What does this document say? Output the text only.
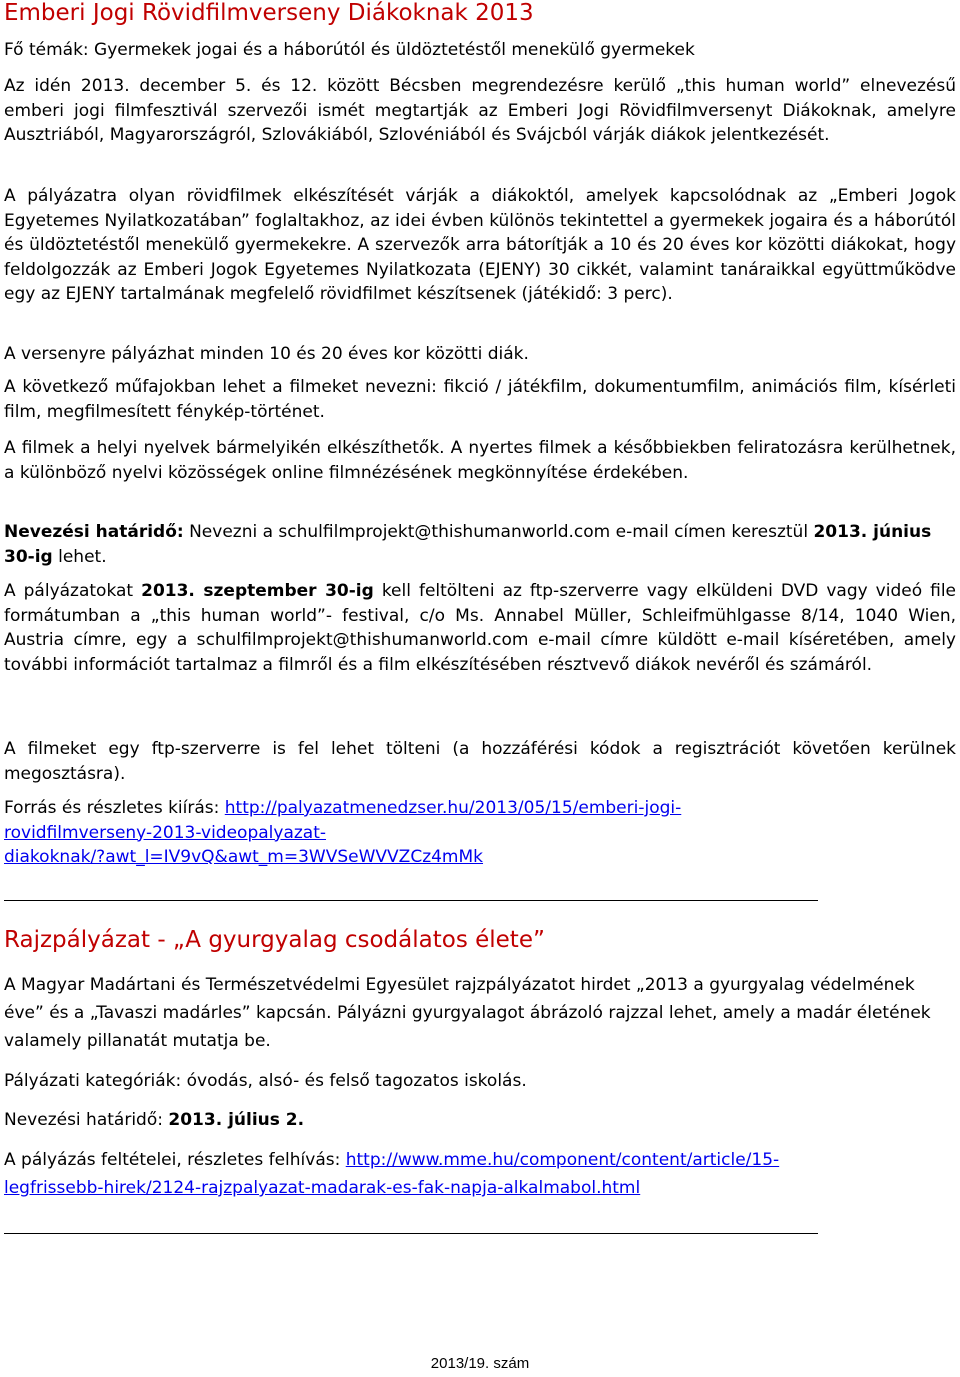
Emberi Jogi Rövidfilmverseny Diákoknak 2013

Fő témák: Gyermekek jogai és a háborútól és üldöztetéstől menekülő gyermekek

Az idén 2013. december 5. és 12. között Bécsben megrendezésre kerülő „this human world” elnevezésű emberi jogi filmfesztivál szervezői ismét megtartják az Emberi Jogi Rövidfilmversenyt Diákoknak, amelyre Ausztriából, Magyarországról, Szlovákiából, Szlovéniából és Svájcból várják diákok jelentkezését.

A pályázatra olyan rövidfilmek elkészítését várják a diákoktól, amelyek kapcsolódnak az „Emberi Jogok Egyetemes Nyilatkozatában” foglaltakhoz, az idei évben különös tekintettel a gyermekek jogaira és a háborútól és üldöztetéstől menekülő gyermekekre. A szervezők arra bátorítják a 10 és 20 éves kor közötti diákokat, hogy feldolgozzák az Emberi Jogok Egyetemes Nyilatkozata (EJENY) 30 cikkét, valamint tanáraikkal együttműködve egy az EJENY tartalmának megfelelő rövidfilmet készítsenek (játékidő: 3 perc).

A versenyre pályázhat minden 10 és 20 éves kor közötti diák.

A következő műfajokban lehet a filmeket nevezni: fikció / játékfilm, dokumentumfilm, animációs film, kísérleti film, megfilmesített fénykép-történet.

A filmek a helyi nyelvek bármelyikén elkészíthetők. A nyertes filmek a későbbiekben feliratozásra kerülhetnek, a különböző nyelvi közösségek online filmnézésének megkönnyítése érdekében.

Nevezési határidő: Nevezni a schulfilmprojekt@thishumanworld.com e-mail címen keresztül 2013. június 30-ig lehet.

A pályázatokat 2013. szeptember 30-ig kell feltölteni az ftp-szerverre vagy elküldeni DVD vagy videó file formátumban a „this human world”- festival, c/o Ms. Annabel Müller, Schleifmühlgasse 8/14, 1040 Wien, Austria címre, egy a schulfilmprojekt@thishumanworld.com e-mail címre küldött e-mail kíséretében, amely további információt tartalmaz a filmről és a film elkészítésében résztvevő diákok nevéről és számáról.

A filmeket egy ftp-szerverre is fel lehet tölteni (a hozzáférési kódok a regisztrációt követően kerülnek megosztásra).

Forrás és részletes kiírás: http://palyazatmenedzser.hu/2013/05/15/emberi-jogi-
rovidfilmverseny-2013-videopalyazat-
diakoknak/?awt_l=IV9vQ&awt_m=3WVSeWVVZCz4mMk

Rajzpályázat - „A gyurgyalag csodálatos élete”

A Magyar Madártani és Természetvédelmi Egyesület rajzpályázatot hirdet „2013 a gyurgyalag védelmének éve” és a „Tavaszi madárles” kapcsán. Pályázni gyurgyalagot ábrázoló rajzzal lehet, amely a madár életének valamely pillanatát mutatja be.

Pályázati kategóriák: óvodás, alsó- és felső tagozatos iskolás.

Nevezési határidő: 2013. július 2.

A pályázás feltételei, részletes felhívás: http://www.mme.hu/component/content/article/15-
legfrissebb-hirek/2124-rajzpalyazat-madarak-es-fak-napja-alkalmabol.html

2013/19. szám
